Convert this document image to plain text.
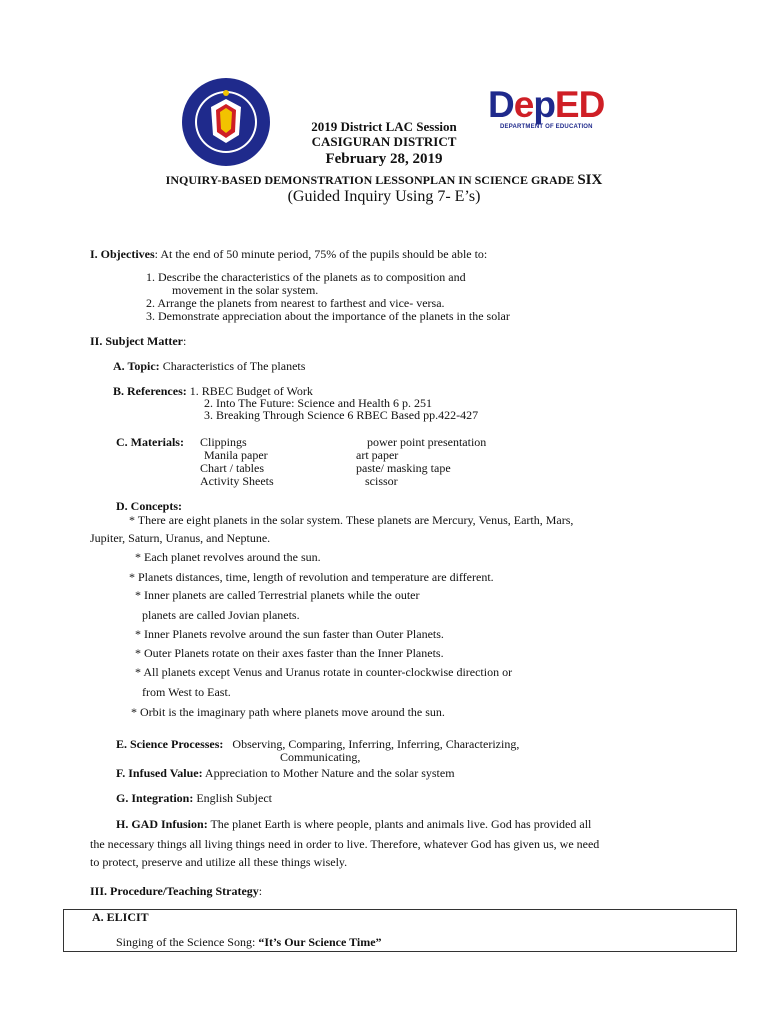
DepED
DEPARTMENT OF EDUCATION
2019 District LAC Session
CASIGURAN DISTRICT
February 28, 2019
INQUIRY-BASED DEMONSTRATION LESSONPLAN IN SCIENCE GRADE SIX
(Guided Inquiry Using 7- E’s)
I. Objectives: At the end of 50 minute period, 75% of the pupils should be able to:
1. Describe the characteristics of the planets as to composition and
movement in the solar system.
2. Arrange the planets from nearest to farthest and vice- versa.
3. Demonstrate appreciation about the importance of the planets in the solar
II. Subject Matter:
A. Topic: Characteristics of The planets
B. References: 1. RBEC Budget of Work
2. Into The Future: Science and Health 6 p. 251
3. Breaking Through Science 6 RBEC Based pp.422-427
C. Materials: Clippings
Manila paper
Chart / tables
Activity Sheets
power point presentation
art paper
paste/ masking tape
scissor
D. Concepts:
* There are eight planets in the solar system. These planets are Mercury, Venus, Earth, Mars,
Jupiter, Saturn, Uranus, and Neptune.
* Each planet revolves around the sun.
* Planets distances, time, length of revolution and temperature are different.
* Inner planets are called Terrestrial planets while the outer
planets are called Jovian planets.
* Inner Planets revolve around the sun faster than Outer Planets.
* Outer Planets rotate on their axes faster than the Inner Planets.
* All planets except Venus and Uranus rotate in counter-clockwise direction or
from West to East.
* Orbit is the imaginary path where planets move around the sun.
E. Science Processes: Observing, Comparing, Inferring, Inferring, Characterizing,
Communicating,
F. Infused Value: Appreciation to Mother Nature and the solar system
G. Integration: English Subject
H. GAD Infusion: The planet Earth is where people, plants and animals live. God has provided all
the necessary things all living things need in order to live. Therefore, whatever God has given us, we need
to protect, preserve and utilize all these things wisely.
III. Procedure/Teaching Strategy:
A. ELICIT
Singing of the Science Song: “It’s Our Science Time”
